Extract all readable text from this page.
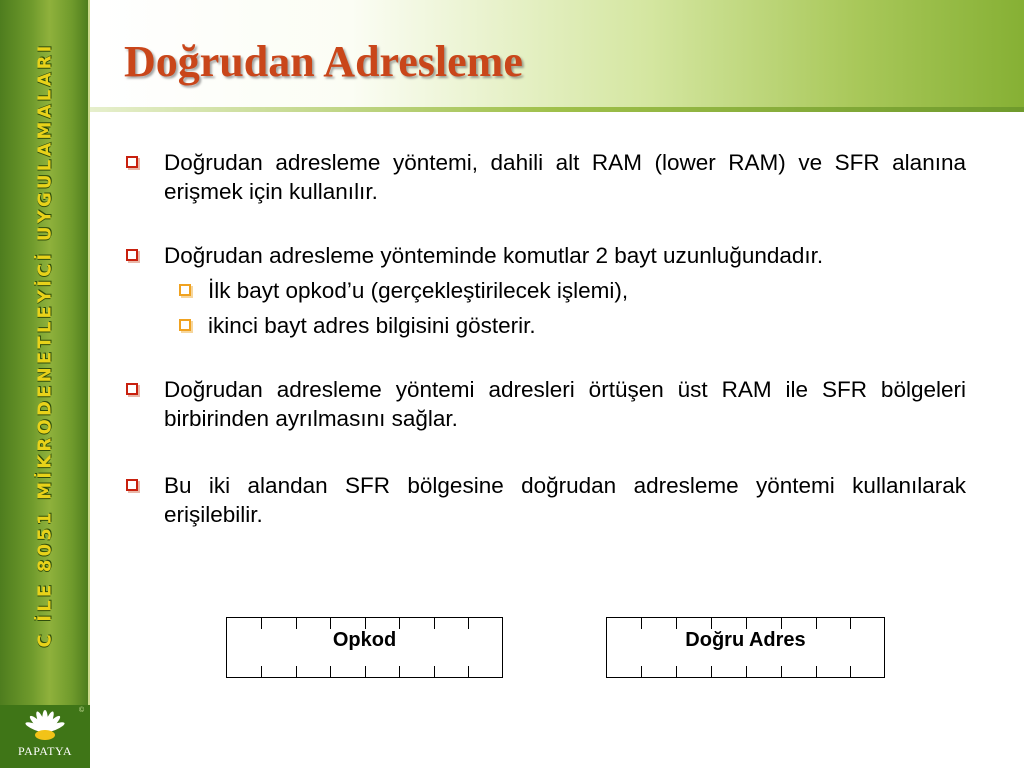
C İLE 8051 MİKRODENETLEYİCİ UYGULAMALARI
©
PAPATYA
Doğrudan Adresleme

Doğrudan adresleme yöntemi, dahili alt RAM (lower RAM) ve SFR alanına erişmek için kullanılır.

Doğrudan adresleme yönteminde komutlar 2 bayt uzunluğundadır.

İlk bayt opkod’u (gerçekleştirilecek işlemi),

ikinci bayt adres bilgisini gösterir.

Doğrudan adresleme yöntemi adresleri örtüşen üst RAM ile SFR bölgeleri birbirinden ayrılmasını sağlar.

Bu iki alandan SFR bölgesine doğrudan adresleme yöntemi kullanılarak erişilebilir.

Opkod	Doğru Adres
